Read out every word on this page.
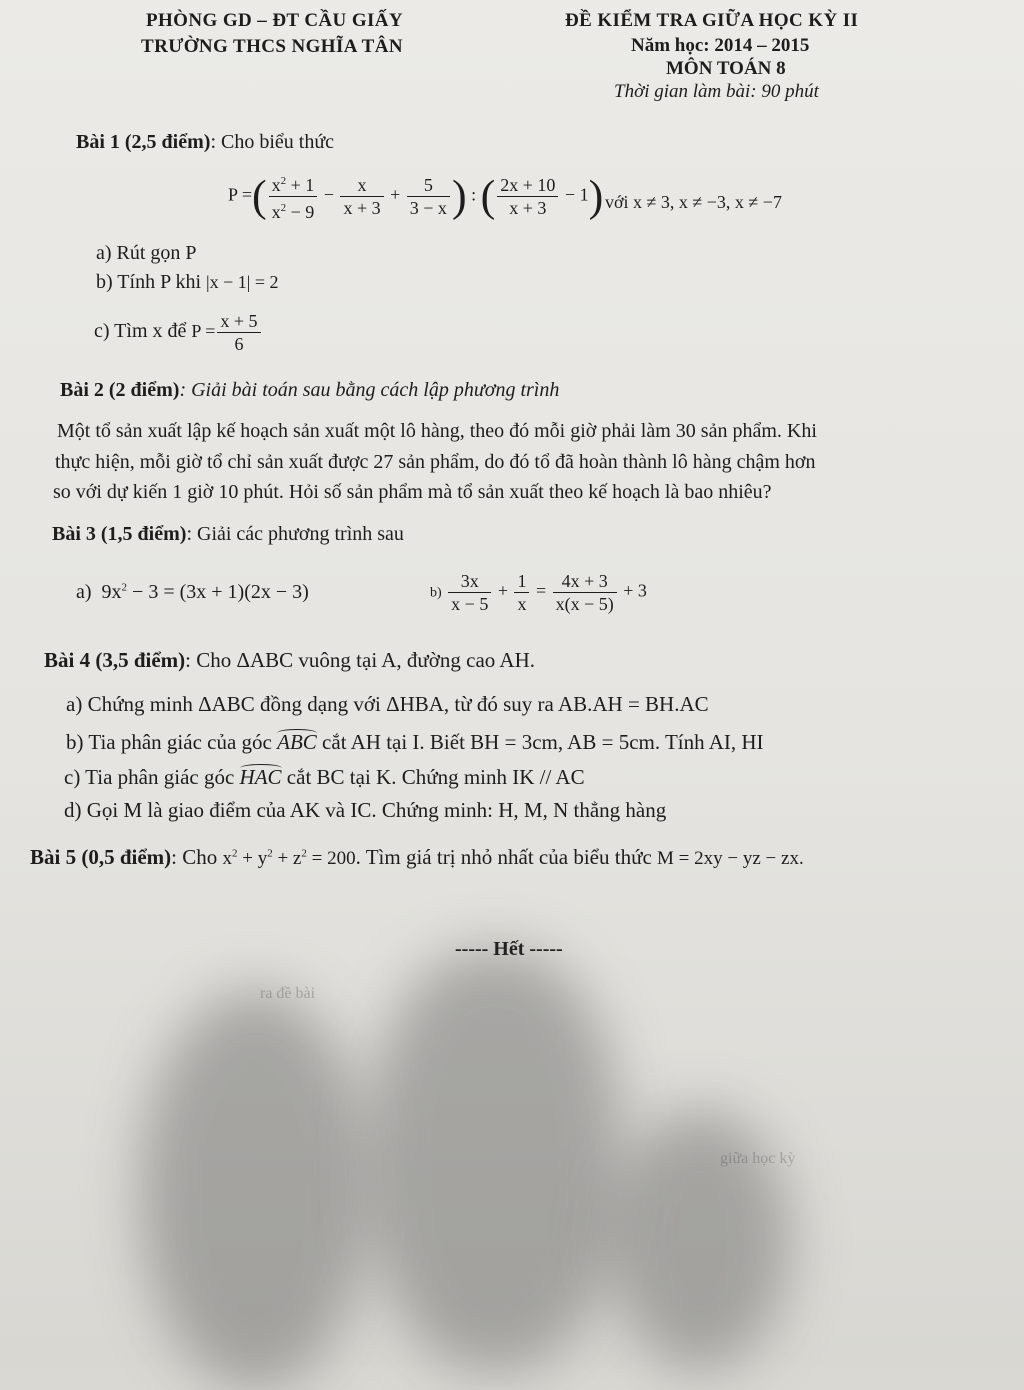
ra đề bài
giữa học kỳ
PHÒNG GD – ĐT CẦU GIẤY
TRƯỜNG THCS NGHĨA TÂN
ĐỀ KIỂM TRA GIỮA HỌC KỲ II
Năm học: 2014 – 2015
MÔN TOÁN 8
Thời gian làm bài: 90 phút
Bài 1 (2,5 điểm): Cho biểu thức
P =( $\frac{x^2 + 1}{x^2 - 9} - \frac{x}{x + 3} + \frac{5}{3 - x}$ ) : ( $\frac{2x + 10}{x + 3} - 1$) với x ≠ 3, x ≠ −3, x ≠ −7
a) Rút gọn P
b) Tính P khi |x − 1| = 2
c) Tìm x để $P = \frac{x + 5}{6}$
Bài 2 (2 điểm): Giải bài toán sau bằng cách lập phương trình
Một tổ sản xuất lập kế hoạch sản xuất một lô hàng, theo đó mỗi giờ phải làm 30 sản phẩm. Khi
thực hiện, mỗi giờ tổ chỉ sản xuất được 27 sản phẩm, do đó tổ đã hoàn thành lô hàng chậm hơn
so với dự kiến 1 giờ 10 phút. Hỏi số sản phẩm mà tổ sản xuất theo kế hoạch là bao nhiêu?
Bài 3 (1,5 điểm): Giải các phương trình sau
a)  $9x^2 - 3 = (3x + 1)(2x - 3)$	$b) \frac{3x}{x - 5} + \frac{1}{x} = \frac{4x + 3}{x(x - 5)} + 3$
Bài 4 (3,5 điểm): Cho ΔABC vuông tại A, đường cao AH.
a) Chứng minh ΔABC đồng dạng với ΔHBA, từ đó suy ra AB.AH = BH.AC
b) Tia phân giác của góc ABC cắt AH tại I. Biết BH = 3cm, AB = 5cm. Tính AI, HI
c) Tia phân giác góc HAC cắt BC tại K. Chứng minh IK // AC
d) Gọi M là giao điểm của AK và IC. Chứng minh: H, M, N thẳng hàng
Bài 5 (0,5 điểm): Cho $x^2 + y^2 + z^2 = 200$. Tìm giá trị nhỏ nhất của biểu thức M = 2xy − yz − zx.
----- Hết -----
